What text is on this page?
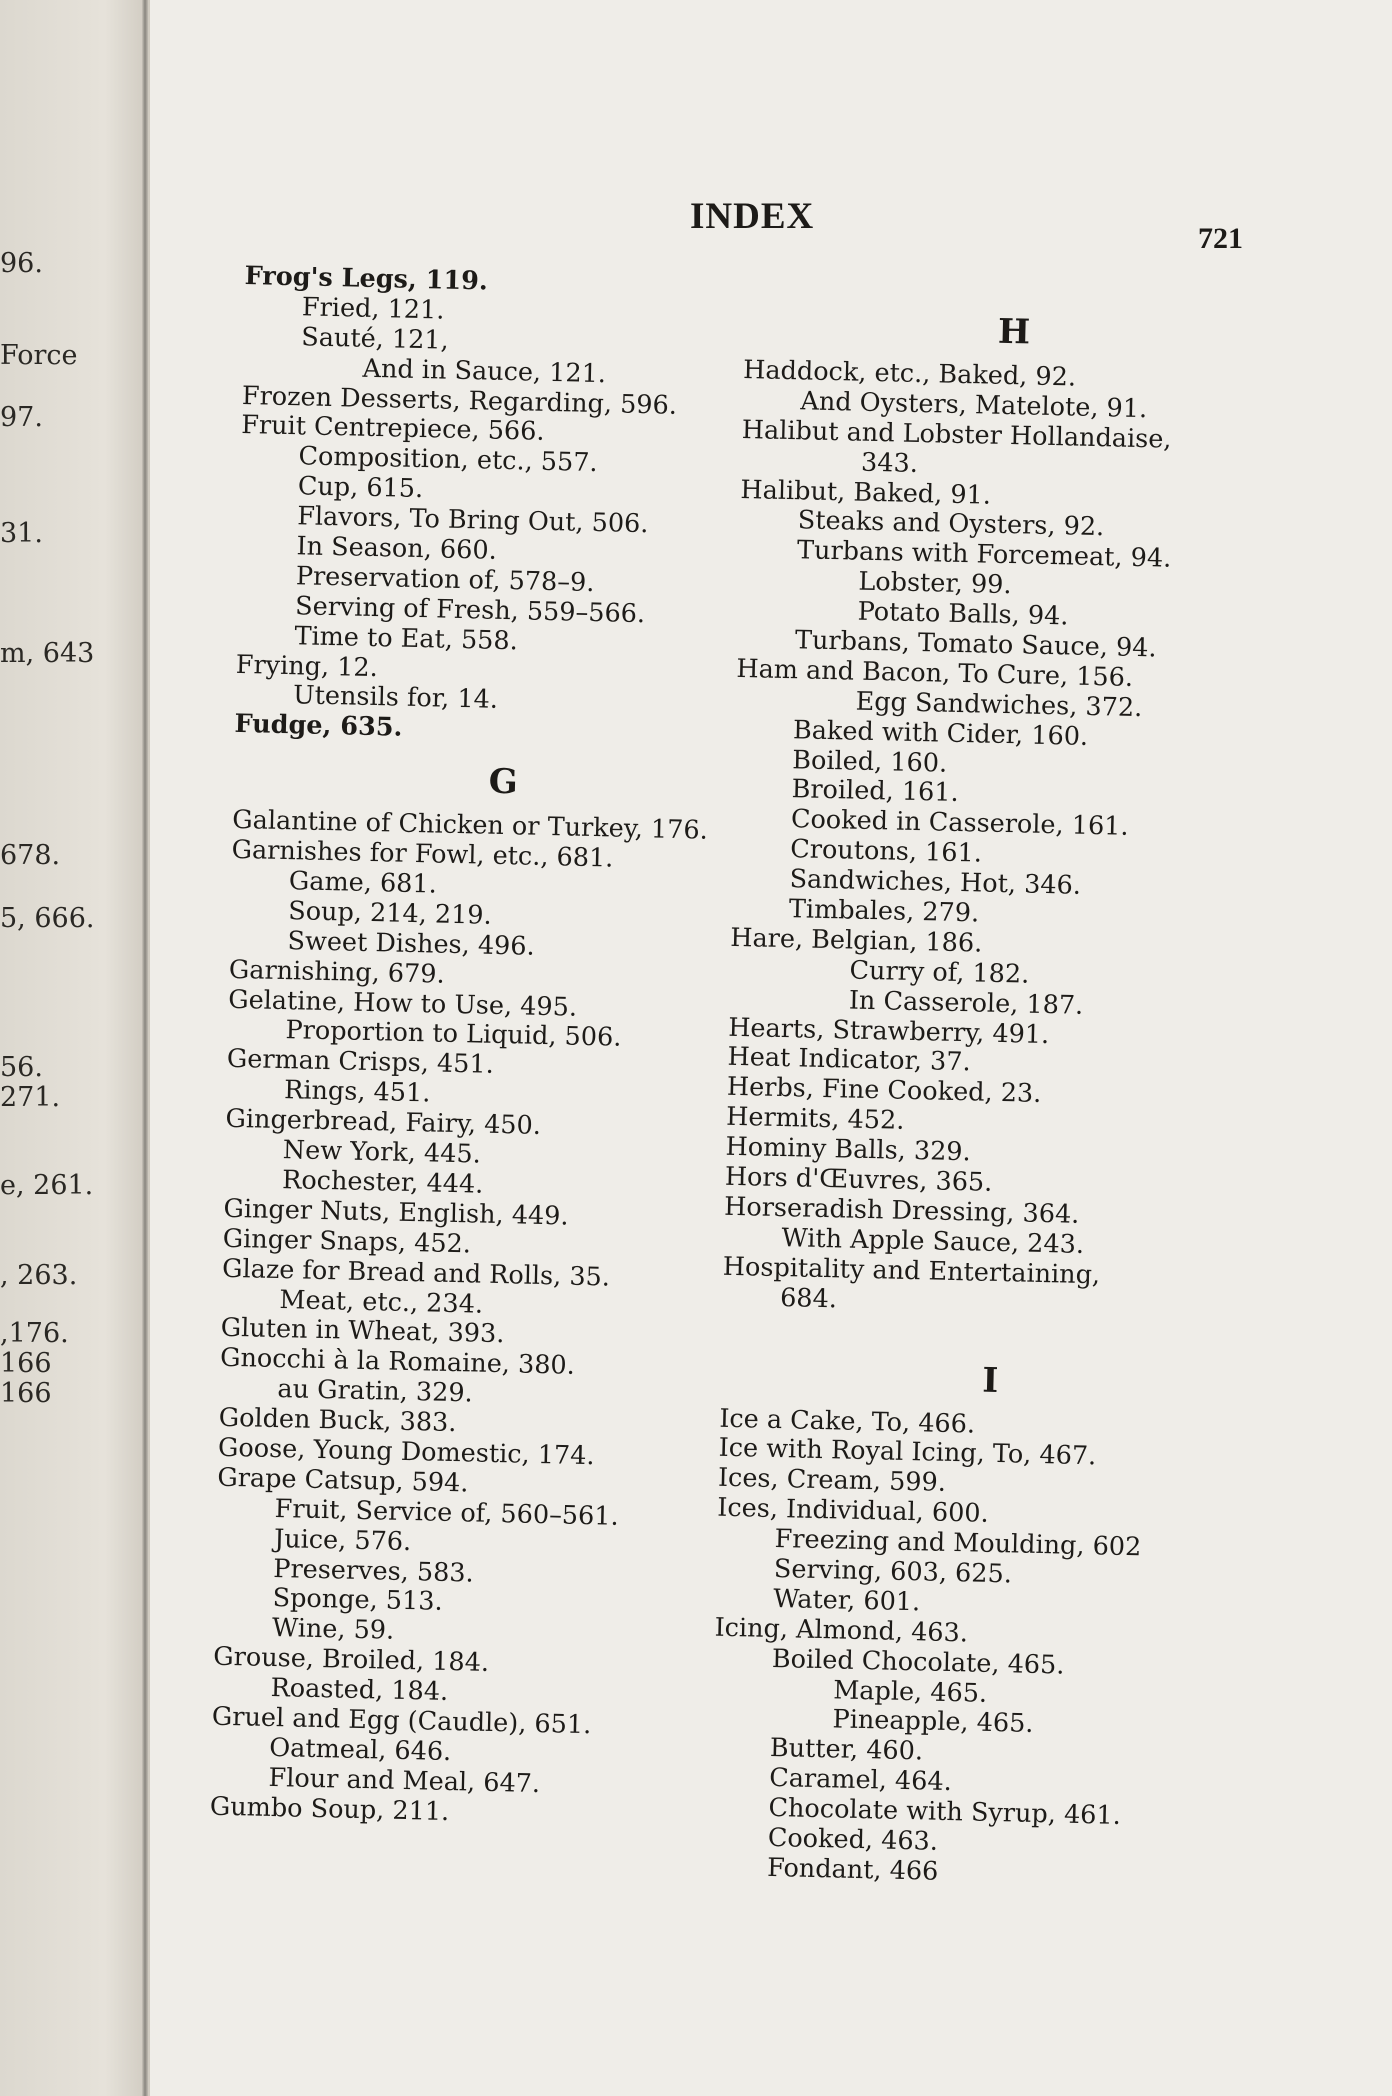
96.
Force
97.
31.
m, 643
678.
5, 666.
56.
271.
e, 261.
, 263.
,176.
166
166
INDEX
721
Frog's Legs, 119.
Fried, 121.
Sauté, 121,
And in Sauce, 121.
Frozen Desserts, Regarding, 596.
Fruit Centrepiece, 566.
Composition, etc., 557.
Cup, 615.
Flavors, To Bring Out, 506.
In Season, 660.
Preservation of, 578–9.
Serving of Fresh, 559–566.
Time to Eat, 558.
Frying, 12.
Utensils for, 14.
Fudge, 635.
G
Galantine of Chicken or Turkey, 176.
Garnishes for Fowl, etc., 681.
Game, 681.
Soup, 214, 219.
Sweet Dishes, 496.
Garnishing, 679.
Gelatine, How to Use, 495.
Proportion to Liquid, 506.
German Crisps, 451.
Rings, 451.
Gingerbread, Fairy, 450.
New York, 445.
Rochester, 444.
Ginger Nuts, English, 449.
Ginger Snaps, 452.
Glaze for Bread and Rolls, 35.
Meat, etc., 234.
Gluten in Wheat, 393.
Gnocchi à la Romaine, 380.
au Gratin, 329.
Golden Buck, 383.
Goose, Young Domestic, 174.
Grape Catsup, 594.
Fruit, Service of, 560–561.
Juice, 576.
Preserves, 583.
Sponge, 513.
Wine, 59.
Grouse, Broiled, 184.
Roasted, 184.
Gruel and Egg (Caudle), 651.
Oatmeal, 646.
Flour and Meal, 647.
Gumbo Soup, 211.
H
Haddock, etc., Baked, 92.
And Oysters, Matelote, 91.
Halibut and Lobster Hollandaise,
343.
Halibut, Baked, 91.
Steaks and Oysters, 92.
Turbans with Forcemeat, 94.
Lobster, 99.
Potato Balls, 94.
Turbans, Tomato Sauce, 94.
Ham and Bacon, To Cure, 156.
Egg Sandwiches, 372.
Baked with Cider, 160.
Boiled, 160.
Broiled, 161.
Cooked in Casserole, 161.
Croutons, 161.
Sandwiches, Hot, 346.
Timbales, 279.
Hare, Belgian, 186.
Curry of, 182.
In Casserole, 187.
Hearts, Strawberry, 491.
Heat Indicator, 37.
Herbs, Fine Cooked, 23.
Hermits, 452.
Hominy Balls, 329.
Hors d'Œuvres, 365.
Horseradish Dressing, 364.
With Apple Sauce, 243.
Hospitality and Entertaining,
684.
I
Ice a Cake, To, 466.
Ice with Royal Icing, To, 467.
Ices, Cream, 599.
Ices, Individual, 600.
Freezing and Moulding, 602
Serving, 603, 625.
Water, 601.
Icing, Almond, 463.
Boiled Chocolate, 465.
Maple, 465.
Pineapple, 465.
Butter, 460.
Caramel, 464.
Chocolate with Syrup, 461.
Cooked, 463.
Fondant, 466
